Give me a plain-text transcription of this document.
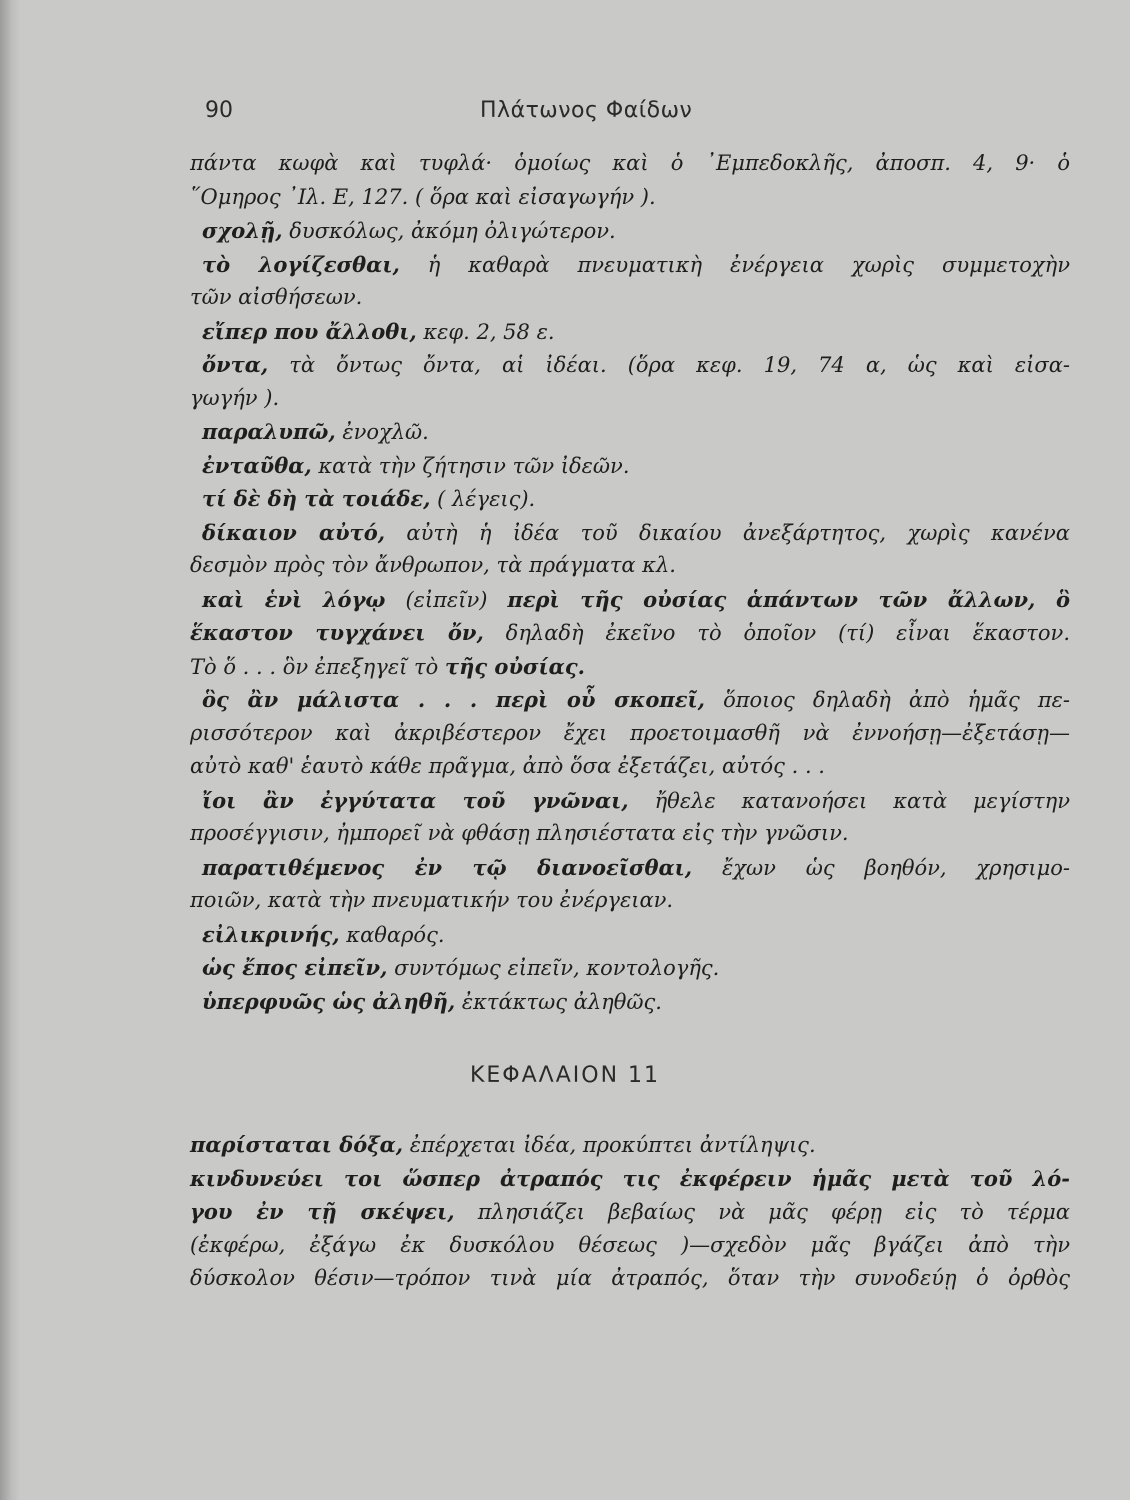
90	Πλάτωνος Φαίδων
πάντα κωφὰ καὶ τυφλά· ὁμοίως καὶ ὁ ᾿Εμπεδοκλῆς, ἀποσπ. 4, 9· ὁ
῞Ομηρος ᾿Ιλ. Ε, 127. ( ὅρα καὶ εἰσαγωγήν ).
σχολῇ, δυσκόλως, ἀκόμη ὀλιγώτερον.
τὸ λογίζεσθαι, ἡ καθαρὰ πνευματικὴ ἐνέργεια χωρὶς συμμετοχὴν
τῶν αἰσθήσεων.
εἴπερ που ἄλλοθι, κεφ. 2, 58 ε.
ὄντα, τὰ ὄντως ὄντα, αἱ ἰδέαι. (ὅρα κεφ. 19, 74 α, ὡς καὶ εἰσα-
γωγήν ).
παραλυπῶ, ἐνοχλῶ.
ἐνταῦθα, κατὰ τὴν ζήτησιν τῶν ἰδεῶν.
τί δὲ δὴ τὰ τοιάδε, ( λέγεις).
δίκαιον αὐτό, αὐτὴ ἡ ἰδέα τοῦ δικαίου ἀνεξάρτητος, χωρὶς κανένα
δεσμὸν πρὸς τὸν ἄνθρωπον, τὰ πράγματα κλ.
καὶ ἑνὶ λόγῳ (εἰπεῖν) περὶ τῆς οὐσίας ἁπάντων τῶν ἄλλων, ὃ
ἕκαστον τυγχάνει ὄν, δηλαδὴ ἐκεῖνο τὸ ὁποῖον (τί) εἶναι ἕκαστον.
Τὸ ὅ . . . ὃν ἐπεξηγεῖ τὸ τῆς οὐσίας.
ὃς ἂν μάλιστα . . . περὶ οὗ σκοπεῖ, ὅποιος δηλαδὴ ἀπὸ ἡμᾶς πε-
ρισσότερον καὶ ἀκριβέστερον ἔχει προετοιμασθῆ νὰ ἐννοήσῃ—ἐξετάσῃ—
αὐτὸ καθ' ἑαυτὸ κάθε πρᾶγμα, ἀπὸ ὅσα ἐξετάζει, αὐτός . . .
ἴοι ἂν ἐγγύτατα τοῦ γνῶναι, ἤθελε κατανοήσει κατὰ μεγίστην
προσέγγισιν, ἠμπορεῖ νὰ φθάσῃ πλησιέστατα εἰς τὴν γνῶσιν.
παρατιθέμενος ἐν τῷ διανοεῖσθαι, ἔχων ὡς βοηθόν, χρησιμο-
ποιῶν, κατὰ τὴν πνευματικήν του ἐνέργειαν.
εἰλικρινής, καθαρός.
ὡς ἔπος εἰπεῖν, συντόμως εἰπεῖν, κοντολογῆς.
ὑπερφυῶς ὡς ἀληθῆ, ἐκτάκτως ἀληθῶς.
ΚΕΦΑΛΑΙΟΝ 11
παρίσταται δόξα, ἐπέρχεται ἰδέα, προκύπτει ἀντίληψις.
κινδυνεύει τοι ὥσπερ ἀτραπός τις ἐκφέρειν ἡμᾶς μετὰ τοῦ λό-
γου ἐν τῇ σκέψει, πλησιάζει βεβαίως νὰ μᾶς φέρῃ εἰς τὸ τέρμα
(ἐκφέρω, ἐξάγω ἐκ δυσκόλου θέσεως )—σχεδὸν μᾶς βγάζει ἀπὸ τὴν
δύσκολον θέσιν—τρόπον τινὰ μία ἀτραπός, ὅταν τὴν συνοδεύῃ ὁ ὀρθὸς
